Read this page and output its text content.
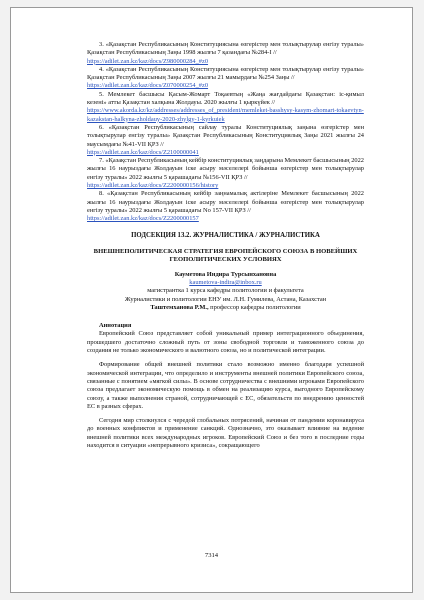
3. «Қазақстан Республикасының Конституциясына өзгерістер мен толықтырулар енгізу туралы» Қазақстан Республикасының Заңы 1998 жылғы 7 қазандағы №284-І //

https://adilet.zan.kz/kaz/docs/Z980000284_#z0

4. «Қазақстан Республикасының Конституциясына өзгерістер мен толықтырулар енгізу туралы» Қазақстан Республикасының Заңы 2007 жылғы 21 мамырдағы №254 Заңы //

https://adilet.zan.kz/kaz/docs/Z070000254_#z0

5. Мемлекет басшысы Қасым-Жомарт Тоқаевтың «Жаңа жағдайдағы Қазақстан: іс-қимыл кезені» атты Қазақстан халқына Жолдауы. 2020 жылғы 1 қыркүйек //

https://www.akorda.kz/kz/addresses/addresses_of_president/memleket-basshysy-kasym-zhomart-tokaevtyn-kazakstan-halkyna-zholdauy-2020-zhylgy-1-kyrkuiek

6. «Қазақстан Республикасының сайлау туралы Конституциялық заңына өзгерістер мен толықтырулар енгізу туралы» Қазақстан Республикасының Конституциялық Заңы 2021 жылғы 24 маусымдағы №41-VII ҚРЗ //

https://adilet.zan.kz/kaz/docs/Z2100000041

7. «Қазақстан Республикасының кейбір конституциялық заңдарына Мемлекет басшысының 2022 жылғы 16 наурыздағы Жолдауын іске асыру мәселелері бойынша өзгерістер мен толықтырулар енгізу туралы» 2022 жылғы 5 қарашадағы №156-VII ҚРЗ //

https://adilet.zan.kz/kaz/docs/Z2200000156/history

8. «Қазақстан Республикасының кейбір заңнамалық актілеріне Мемлекет басшысының 2022 жылғы 16 наурыздағы Жолдауын іске асыру мәселелері бойынша өзгерістер мен толықтырулар енгізу туралы» 2022 жылғы 5 қарашадағы No 157-VII ҚРЗ //

https://adilet.zan.kz/kaz/docs/Z2200000157
ПОДСЕКЦИЯ 13.2. ЖУРНАЛИСТИКА / ЖУРНАЛИСТИКА
ВНЕШНЕПОЛИТИЧЕСКАЯ СТРАТЕГИЯ ЕВРОПЕЙСКОГО СОЮЗА В НОВЕЙШИХ ГЕОПОЛИТИЧЕСКИХ УСЛОВИЯХ
Кауметова Индира Турсынхановна
kaumetova-indira@inbox.ru
магистрантка 1 курса кафедры политологии и факультета
Журналистики и политологии ЕНУ им. Л.Н. Гумилева, Астана, Казахстан
Таштемханова Р.М., профессор кафедры политологии
Аннотация

Европейский Союз представляет собой уникальный пример интеграционного объединения, прошедшего достаточно сложный путь от зоны свободной торговли и таможенного союза до создания не только экономического и валютного союза, но и политической интеграции.

Формирование общей внешней политики стало возможно именно благодаря успешной экономической интеграции, что определило и инструменты внешней политики Европейского союза, связанные с понятием «мягкой силы». В основе сотрудничества с внешними игроками Европейского союза предлагает экономическую помощь в обмен на реализацию курса, выгодного Европейскому союзу, а также выполнения страной, сотрудничающей с ЕС, обязательств по внедрению ценностей ЕС в разных сферах.

Сегодня мир столкнулся с чередой глобальных потрясений, начиная от пандемии коронавируса до военных конфликтов и применение санкций. Однозначно, это оказывает влияние на ведение внешней политики всех международных игроков. Европейский Союз и без того в последние годы находится в ситуации «непрерывного кризиса», сокращающего

7314
